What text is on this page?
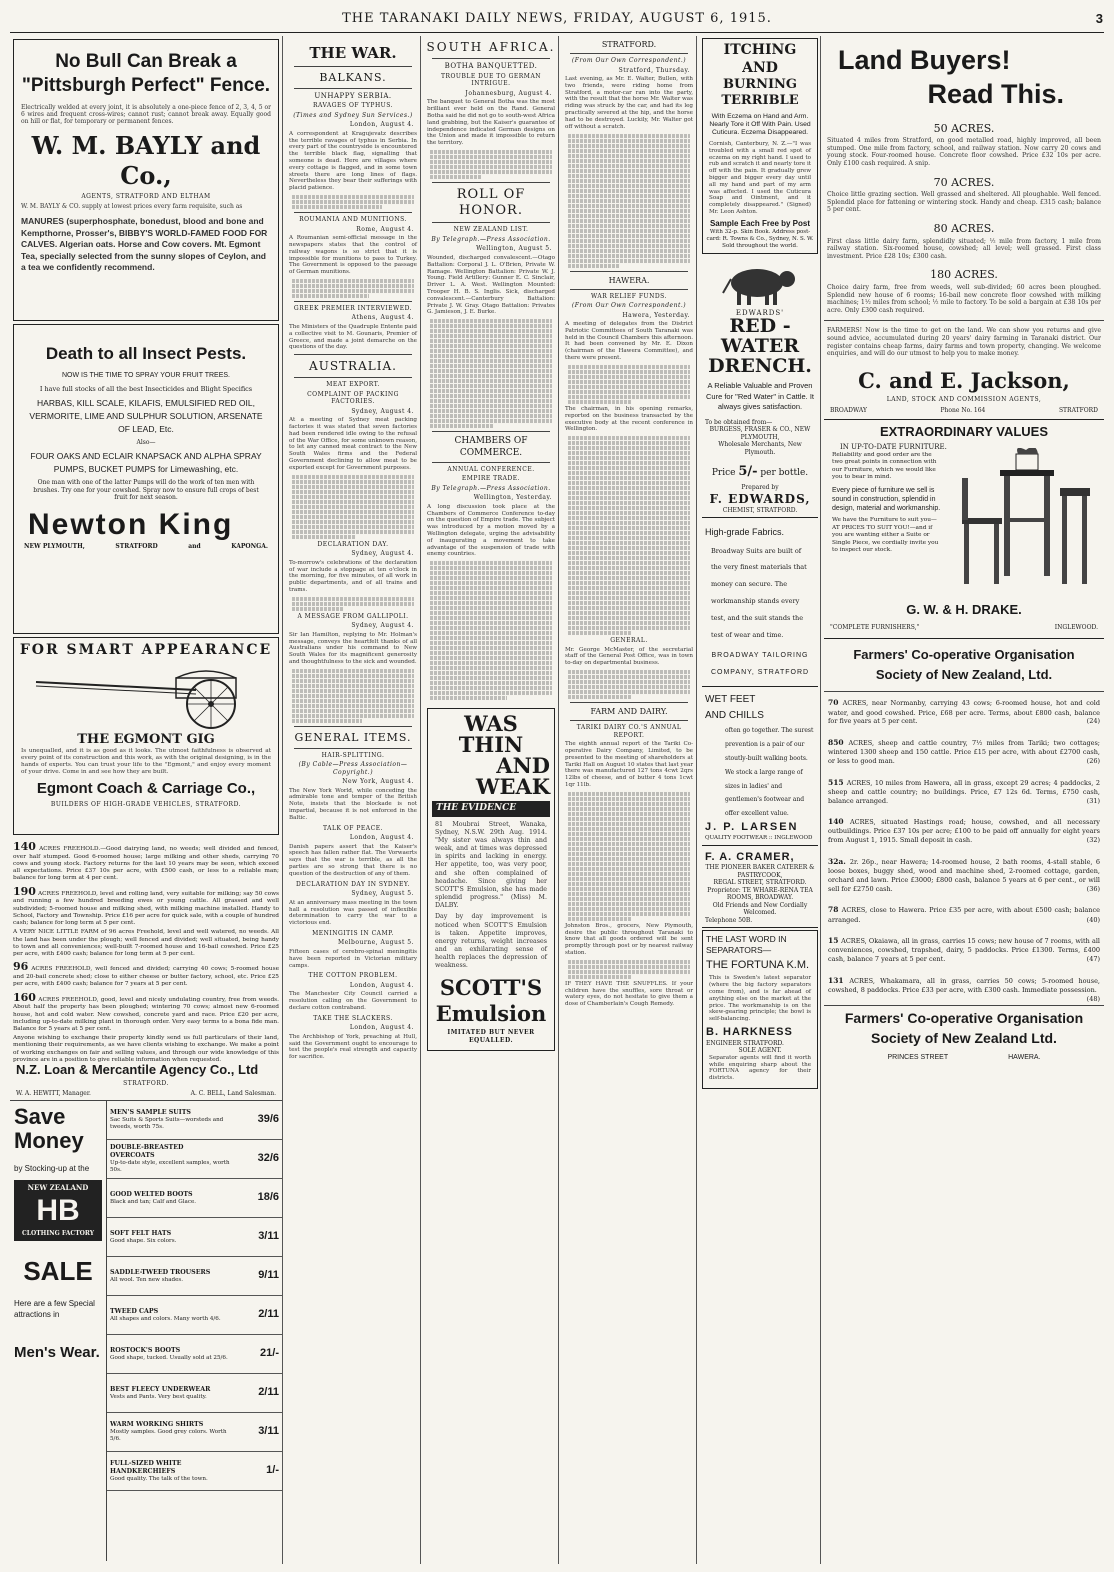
THE TARANAKI DAILY NEWS, FRIDAY, AUGUST 6, 1915.	3
No Bull Can Break a
"Pittsburgh Perfect" Fence.
Electrically welded at every joint, it is absolutely a one-piece fence of 2, 3, 4, 5 or 6 wires and frequent cross-wires; cannot rust; cannot break away. Equally good on hill or flat, for temporary or permanent fences.
W. M. BAYLY and Co.,
AGENTS, STRATFORD AND ELTHAM
W. M. BAYLY & CO. supply at lowest prices every farm requisite, such as
MANURES (superphosphate, bonedust, blood and bone and Kempthorne, Prosser's, BIBBY'S WORLD-FAMED FOOD FOR CALVES. Algerian oats. Horse and Cow covers. Mt. Egmont Tea, specially selected from the sunny slopes of Ceylon, and a tea we confidently recommend.
Death to all Insect Pests.
NOW IS THE TIME TO SPRAY YOUR FRUIT TREES.
I have full stocks of all the best Insecticides and Blight Specifics
HARBAS, KILL SCALE, KILAFIS, EMULSIFIED RED OIL, VERMORITE, LIME AND SULPHUR SOLUTION, ARSENATE OF LEAD, Etc.
Also—
FOUR OAKS AND ECLAIR KNAPSACK AND ALPHA SPRAY PUMPS, BUCKET PUMPS for Limewashing, etc.
One man with one of the latter Pumps will do the work of ten men with brushes. Try one for your cowshed. Spray now to ensure full crops of best fruit for next season.
Newton King
NEW PLYMOUTH,	STRATFORD	and	KAPONGA.
FOR SMART APPEARANCE
THE EGMONT GIG
Is unequalled, and it is as good as it looks. The utmost faithfulness is observed at every point of its construction and this work, as with the original designing, is in the hands of experts. You can trust your life to the "Egmont," and enjoy every moment of your drive. Come in and see how they are built.
Egmont Coach & Carriage Co.,
BUILDERS OF HIGH-GRADE VEHICLES, STRATFORD.
140 ACRES FREEHOLD.—Good dairying land, no weeds; well divided and fenced, over half stumped. Good 6-roomed house; large milking and other sheds, carrying 70 cows and young stock. Factory returns for the last 10 years may be seen, which exceed all expectations. Price £37 10s per acre, with £500 cash, or less to a reliable man; balance for long term at 4 per cent.
190 ACRES FREEHOLD, level and rolling land, very suitable for milking; say 50 cows and running a few hundred breeding ewes or young cattle. All grassed and well subdivided; 5-roomed house and milking shed, with milking machine installed. Handy to School, Factory and Township. Price £16 per acre for quick sale, with a couple of hundred cash; balance for long term at 5 per cent.
A VERY NICE LITTLE FARM of 96 acres Freehold, level and well watered, no weeds. All the land has been under the plough; well fenced and divided; well situated, being handy to town and all conveniences; well-built 7-roomed house and 16-bail cowshed. Price £25 per acre, with £400 cash; balance for long term at 5 per cent.
96 ACRES FREEHOLD, well fenced and divided; carrying 40 cows; 5-roomed house and 20-bail concrete shed; close to either cheese or butter factory, school, etc. Price £25 per acre, with £400 cash; balance for 7 years at 5 per cent.
160 ACRES FREEHOLD, good, level and nicely undulating country, free from weeds. About half the property has been ploughed; wintering 70 cows; almost new 6-roomed house, hot and cold water. New cowshed, concrete yard and race. Price £20 per acre, including up-to-date milking plant in thorough order. Very easy terms to a bona fide man. Balance for 5 years at 5 per cent.
Anyone wishing to exchange their property kindly send us full particulars of their land, mentioning their requirements, as we have clients wishing to exchange. We make a point of working exchanges on fair and selling values, and through our wide knowledge of this province are in a position to give reliable information when requested.
N.Z. Loan & Mercantile Agency Co., Ltd
STRATFORD.
W. A. HEWITT, Manager.	A. C. BELL, Land Salesman.
Save Money
by Stocking-up at the
NEW ZEALAND
HB
CLOTHING FACTORY
SALE
Here are a few Special attractions in
Men's Wear.
MEN'S SAMPLE SUITS
Sac Suits & Sports Suits—worsteds and tweeds, worth 75s.
39/6
DOUBLE-BREASTED OVERCOATS
Up-to-date style, excellent samples, worth 50s.
32/6
GOOD WELTED BOOTS
Black and tan; Calf and Glace.	18/6
SOFT FELT HATS
Good shape. Six colors.	3/11
SADDLE-TWEED TROUSERS
All wool. Ten new shades.	9/11
TWEED CAPS
All shapes and colors. Many worth 4/6.	2/11
ROSTOCK'S BOOTS
Good shape, tucked. Usually sold at 25/6.	21/-
BEST FLEECY UNDERWEAR
Vests and Pants. Very best quality.	2/11
WARM WORKING SHIRTS
Mostly samples. Good grey colors. Worth 5/6.
3/11
FULL-SIZED WHITE HANDKERCHIEFS
Good quality. The talk of the town.
1/-
THE WAR.
BALKANS.
UNHAPPY SERBIA.
RAVAGES OF TYPHUS.
(Times and Sydney Sun Services.)
London, August 4.
A correspondent at Kragujevatz describes the terrible ravages of typhus in Serbia. In every part of the countryside is encountered the terrible black flag, signalling that someone is dead. Here are villages where every cottage is flagged, and in some town streets there are long lines of flags. Nevertheless they bear their sufferings with placid patience.
ROUMANIA AND MUNITIONS.
Rome, August 4.
A Roumanian semi-official message in the newspapers states that the control of railway wagons is so strict that it is impossible for munitions to pass to Turkey. The Government is opposed to the passage of German munitions.
GREEK PREMIER INTERVIEWED.
Athens, August 4.
The Ministers of the Quadruple Entente paid a collective visit to M. Gounaris, Premier of Greece, and made a joint demarche on the questions of the day.
AUSTRALIA.
MEAT EXPORT.
COMPLAINT OF PACKING FACTORIES.
Sydney, August 4.
At a meeting of Sydney meat packing factories it was stated that seven factories had been rendered idle owing to the refusal of the War Office, for some unknown reason, to let any canned meat contract to the New South Wales firms and the Federal Government declining to allow meat to be exported except for Government purposes.
DECLARATION DAY.
Sydney, August 4.
To-morrow's celebrations of the declaration of war include a stoppage at ten o'clock in the morning, for five minutes, of all work in public departments, and of all trains and trams.
A MESSAGE FROM GALLIPOLI.
Sydney, August 4.
Sir Ian Hamilton, replying to Mr. Holman's message, conveys the heartfelt thanks of all Australians under his command to New South Wales for its magnificent generosity and thoughtfulness to the sick and wounded.
GENERAL ITEMS.
HAIR-SPLITTING.
(By Cable—Press Association—Copyright.)
New York, August 4.
The New York World, while conceding the admirable tone and temper of the British Note, insists that the blockade is not impartial, because it is not enforced in the Baltic.
TALK OF PEACE.
London, August 4.
Danish papers assert that the Kaiser's speech has fallen rather flat. The Vorwaerts says that the war is terrible, as all the parties are so strong that there is no question of the destruction of any of them.
DECLARATION DAY IN SYDNEY.
Sydney, August 5.
At an anniversary mass meeting in the town hall a resolution was passed of inflexible determination to carry the war to a victorious end.
MENINGITIS IN CAMP.
Melbourne, August 5.
Fifteen cases of cerebro-spinal meningitis have been reported in Victorian military camps.
THE COTTON PROBLEM.
London, August 4.
The Manchester City Council carried a resolution calling on the Government to declare cotton contraband.
TAKE THE SLACKERS.
London, August 4.
The Archbishop of York, preaching at Hull, said the Government ought to encourage to test the people's real strength and capacity for sacrifice.
SOUTH AFRICA.
BOTHA BANQUETTED.
TROUBLE DUE TO GERMAN INTRIGUE.
Johannesburg, August 4.
The banquet to General Botha was the most brilliant ever held on the Rand. General Botha said he did not go to south-west Africa land grabbing, but the Kaiser's guarantee of independence indicated German designs on the Union and made it impossible to return the territory.
ROLL OF HONOR.
NEW ZEALAND LIST.
By Telegraph.—Press Association.
Wellington, August 5.
Wounded, discharged convalescent.—Otago Battalion: Corporal J. L. O'Brien, Private W. Ramage. Wellington Battalion: Private W. J. Young. Field Artillery: Gunner E. C. Sinclair, Driver L. A. West. Wellington Mounted: Trooper H. B. S. Inglis. Sick, discharged convalescent.—Canterbury Battalion: Private J. W. Gray. Otago Battalion: Privates G. Jamieson, J. E. Burke.
CHAMBERS OF COMMERCE.
ANNUAL CONFERENCE.
EMPIRE TRADE.
By Telegraph.—Press Association.
Wellington, Yesterday.
A long discussion took place at the Chambers of Commerce Conference to-day on the question of Empire trade. The subject was introduced by a motion moved by a Wellington delegate, urging the advisability of inaugurating a movement to take advantage of the suspension of trade with enemy countries.
WAS THIN
AND WEAK
THE EVIDENCE
81 Moubrai Street, Wanaka, Sydney, N.S.W. 29th Aug. 1914. "My sister was always thin and weak, and at times was depressed in spirits and lacking in energy. Her appetite, too, was very poor, and she often complained of headache. Since giving her SCOTT'S Emulsion, she has made splendid progress." (Miss) M. DALBY.
Day by day improvement is noticed when SCOTT'S Emulsion is taken. Appetite improves, energy returns, weight increases and an exhilarating sense of health replaces the depression of weakness.
SCOTT'S
Emulsion
IMITATED BUT NEVER EQUALLED.
STRATFORD.
(From Our Own Correspondent.)
Stratford, Thursday.
Last evening, as Mr. E. Walter, Bullen, with two friends, were riding home from Stratford, a motor-car ran into the party, with the result that the horse Mr. Walter was riding was struck by the car, and had its leg practically severed at the hip, and the horse had to be destroyed. Luckily, Mr. Walter got off without a scratch.
HAWERA.
WAR RELIEF FUNDS.
(From Our Own Correspondent.)
Hawera, Yesterday.
A meeting of delegates from the District Patriotic Committees of South Taranaki was held in the Council Chambers this afternoon. It had been convened by Mr. E. Dixon (chairman of the Hawera Committee), and there were present.
The chairman, in his opening remarks, reported on the business transacted by the executive body at the recent conference in Wellington.
GENERAL.
Mr. George McMaster, of the secretarial staff of the General Post Office, was in town to-day on departmental business.
FARM AND DAIRY.
TARIKI DAIRY CO.'S ANNUAL REPORT.
The eighth annual report of the Tariki Co-operative Dairy Company, Limited, to be presented to the meeting of shareholders at Tariki Hall on August 10 states that last year there was manufactured 127 tons 4cwt 2qrs 12lbs of cheese, and of butter 4 tons 1cwt 1qr 11lb.
Johnston Bros., grocers, New Plymouth, desire the public throughout Taranaki to know that all goods ordered will be sent promptly through post or by nearest railway station.
IF THEY HAVE THE SNUFFLES. If your children have the snuffles, sore throat or watery eyes, do not hesitate to give them a dose of Chamberlain's Cough Remedy.
ITCHING AND
BURNING TERRIBLE
With Eczema on Hand and Arm. Nearly Tore it Off With Pain. Used Cuticura. Eczema Disappeared.
Cornish, Canterbury, N. Z.—"I was troubled with a small red spot of eczema on my right hand. I used to rub and scratch it and nearly tore it off with the pain. It gradually grew bigger and bigger every day until all my hand and part of my arm was affected. I used the Cuticura Soap and Ointment, and it completely disappeared." (Signed) Mr. Leon Ashton.
Sample Each Free by Post
With 32-p. Skin Book. Address post-card: R. Towns & Co., Sydney, N. S. W. Sold throughout the world.
EDWARDS'
RED - WATER
DRENCH.
A Reliable Valuable and Proven Cure for "Red Water" in Cattle. It always gives satisfaction.
To be obtained from—
BURGESS, FRASER & CO., NEW PLYMOUTH,
Wholesale Merchants, New Plymouth.
Price 5/- per bottle.
Prepared by
F. EDWARDS,
CHEMIST, STRATFORD.
High-grade Fabrics.
Broadway Suits are built of the very finest materials that money can secure. The workmanship stands every test, and the suit stands the test of wear and time.
BROADWAY TAILORING
COMPANY, STRATFORD
WET FEET AND CHILLS
often go together. The surest prevention is a pair of our stoutly-built walking boots. We stock a large range of sizes in ladies' and gentlemen's footwear and offer excellent value.
J. P. LARSEN
QUALITY FOOTWEAR :: INGLEWOOD
F. A. CRAMER,
THE PIONEER BAKER CATERER & PASTRYCOOK,
REGAL STREET, STRATFORD.
Proprietor: TE WHARE-RENA TEA ROOMS, BROADWAY.
Old Friends and New Cordially Welcomed.
Telephone 50B.
THE LAST WORD IN SEPARATORS—
THE FORTUNA K.M.
This is Sweden's latest separator (where the big factory separators come from), and is far ahead of anything else on the market at the price. The workmanship is on the skew-gearing principle; the bowl is self-balancing.
B. HARKNESS
ENGINEER STRATFORD.
SOLE AGENT.
Separator agents will find it worth while enquiring sharp about the FORTUNA agency for their districts.
Land Buyers!
Read This.
50 ACRES.
Situated 4 miles from Stratford, on good metalled road, highly improved, all been stumped. One mile from factory, school, and railway station. Now carry 20 cows and young stock. Four-roomed house. Concrete floor cowshed. Price £32 10s per acre. Only £100 cash required. A snip.
70 ACRES.
Choice little grazing section. Well grassed and sheltered. All ploughable. Well fenced. Splendid place for fattening or wintering stock. Handy and cheap. £315 cash; balance 5 per cent.
80 ACRES.
First class little dairy farm, splendidly situated; ½ mile from factory, 1 mile from railway station. Six-roomed house, cowshed; all level; well grassed. First class investment. Price £28 10s; £300 cash.
180 ACRES.
Choice dairy farm, free from weeds, well sub-divided; 60 acres been ploughed. Splendid new house of 6 rooms; 16-bail new concrete floor cowshed with milking machines; 1½ miles from school; ½ mile to factory. To be sold a bargain at £38 10s per acre. Only £300 cash required.
FARMERS! Now is the time to get on the land. We can show you returns and give sound advice, accumulated during 20 years' dairy farming in Taranaki district. Our register contains cheap farms, dairy farms and town property, changing. We welcome enquiries, and will do our utmost to help you to make money.
C. and E. Jackson,
LAND, STOCK AND COMMISSION AGENTS,
BROADWAY	Phone No. 164	STRATFORD
EXTRAORDINARY VALUES
IN UP-TO-DATE FURNITURE.
Reliability and good order are the two great points in connection with our Furniture, which we would like you to bear in mind.
Every piece of furniture we sell is sound in construction, splendid in design, material and workmanship.
We have the Furniture to suit you—AT PRICES TO SUIT YOU!—and if you are wanting either a Suite or Single Piece, we cordially invite you to inspect our stock.
G. W. & H. DRAKE.
"COMPLETE FURNISHERS,"	INGLEWOOD.
Farmers' Co-operative Organisation
Society of New Zealand, Ltd.
70 ACRES, near Normanby, carrying 43 cows; 6-roomed house, hot and cold water, and good cowshed. Price, £68 per acre. Terms, about £800 cash, balance for five years at 5 per cent.	(24)
850 ACRES, sheep and cattle country, 7½ miles from Tariki; two cottages; wintered 1300 sheep and 150 cattle. Price £15 per acre, with about £2700 cash, or less to good man.	(26)
515 ACRES, 10 miles from Hawera, all in grass, except 29 acres; 4 paddocks, 2 sheep and cattle country; no buildings. Price, £7 12s 6d. Terms, £750 cash, balance arranged.	(31)
140 ACRES, situated Hastings road; house, cowshed, and all necessary outbuildings. Price £37 10s per acre; £100 to be paid off annually for eight years from August 1, 1915. Small deposit in cash.	(32)
32a. 2r. 26p., near Hawera; 14-roomed house, 2 bath rooms, 4-stall stable, 6 loose boxes, buggy shed, wood and machine shed, 2-roomed cottage, garden, orchard and lawn. Price £3000; £800 cash, balance 5 years at 6 per cent., or will sell for £2750 cash.	(36)
78 ACRES, close to Hawera. Price £35 per acre, with about £500 cash; balance arranged.	(40)
15 ACRES, Okaiawa, all in grass, carries 15 cows; new house of 7 rooms, with all conveniences, cowshed, trapshed, dairy, 5 paddocks. Price £1300. Terms, £400 cash, balance 7 years at 5 per cent.	(47)
131 ACRES, Whakamara, all in grass, carries 50 cows; 5-roomed house, cowshed, 8 paddocks. Price £33 per acre, with £300 cash. Immediate possession.
(48)
Farmers' Co-operative Organisation
Society of New Zealand Ltd.
PRINCES STREET	HAWERA.
